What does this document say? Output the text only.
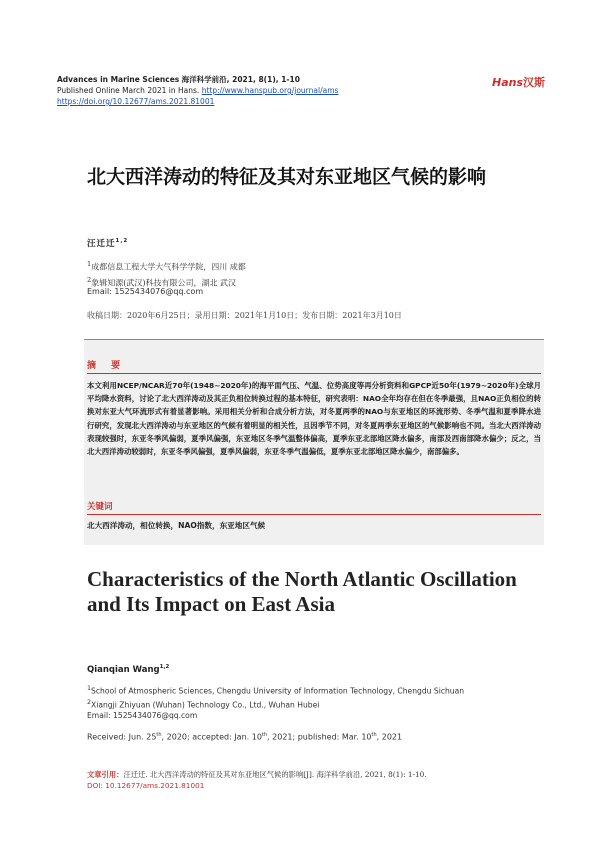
Advances in Marine Sciences 海洋科学前沿, 2021, 8(1), 1-10
Published Online March 2021 in Hans. http://www.hanspub.org/journal/ams
https://doi.org/10.12677/ams.2021.81001
Hans汉斯
北大西洋涛动的特征及其对东亚地区气候的影响
汪迁迁$^{1,2}$
$^1$成都信息工程大学大气科学学院，四川 成都
$^2$象辑知源(武汉)科技有限公司，湖北 武汉
Email: 1525434076@qq.com
收稿日期：2020年6月25日；录用日期：2021年1月10日；发布日期：2021年3月10日
摘 要
本文利用NCEP/NCAR近70年(1948~2020年)的海平面气压、气温、位势高度等再分析资料和GPCP近50年(1979~2020年)全球月平均降水资料，讨论了北大西洋涛动及其正负相位转换过程的基本特征，研究表明：NAO全年均存在但在冬季最强，且NAO正负相位的转换对东亚大气环流形式有着显著影响。采用相关分析和合成分析方法，对冬夏两季的NAO与东亚地区的环流形势、冬季气温和夏季降水进行研究，发现北大西洋涛动与东亚地区的气候有着明显的相关性，且因季节不同，对冬夏两季东亚地区的气候影响也不同。当北大西洋涛动表现较强时，东亚冬季风偏弱，夏季风偏强，东亚地区冬季气温整体偏高，夏季东亚北部地区降水偏多，南部及西南部降水偏少；反之，当北大西洋涛动较弱时，东亚冬季风偏强，夏季风偏弱，东亚冬季气温偏低，夏季东亚北部地区降水偏少，南部偏多。
关键词
北大西洋涛动，相位转换，NAO指数，东亚地区气候
Characteristics of the North Atlantic Oscillation and Its Impact on East Asia
Qianqian Wang$^{1,2}$
$^1$School of Atmospheric Sciences, Chengdu University of Information Technology, Chengdu Sichuan
$^2$Xiangji Zhiyuan (Wuhan) Technology Co., Ltd., Wuhan Hubei
Email: 1525434076@qq.com
Received: Jun. 25th, 2020; accepted: Jan. 10th, 2021; published: Mar. 10th, 2021
文章引用：汪迁迁. 北大西洋涛动的特征及其对东亚地区气候的影响[J]. 海洋科学前沿, 2021, 8(1): 1-10.
DOI: 10.12677/ams.2021.81001
